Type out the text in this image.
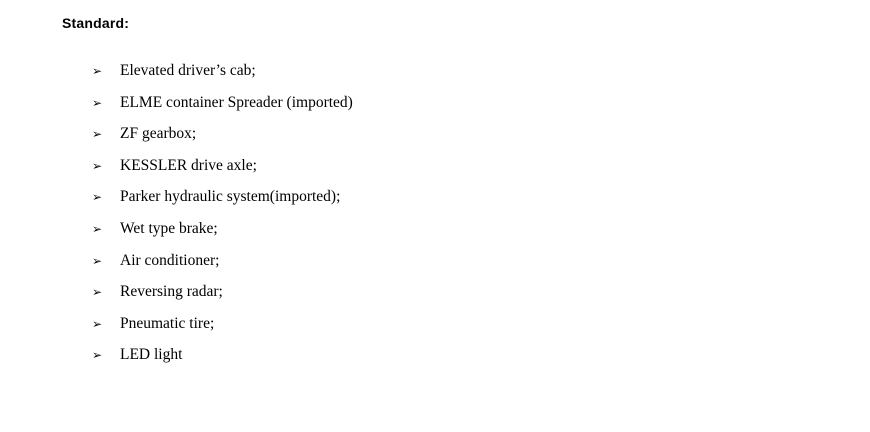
Standard:
➢	Elevated driver’s cab;
➢	ELME container Spreader (imported)
➢	ZF gearbox;
➢	KESSLER drive axle;
➢	Parker hydraulic system(imported);
➢	Wet type brake;
➢	Air conditioner;
➢	Reversing radar;
➢	Pneumatic tire;
➢	LED light
